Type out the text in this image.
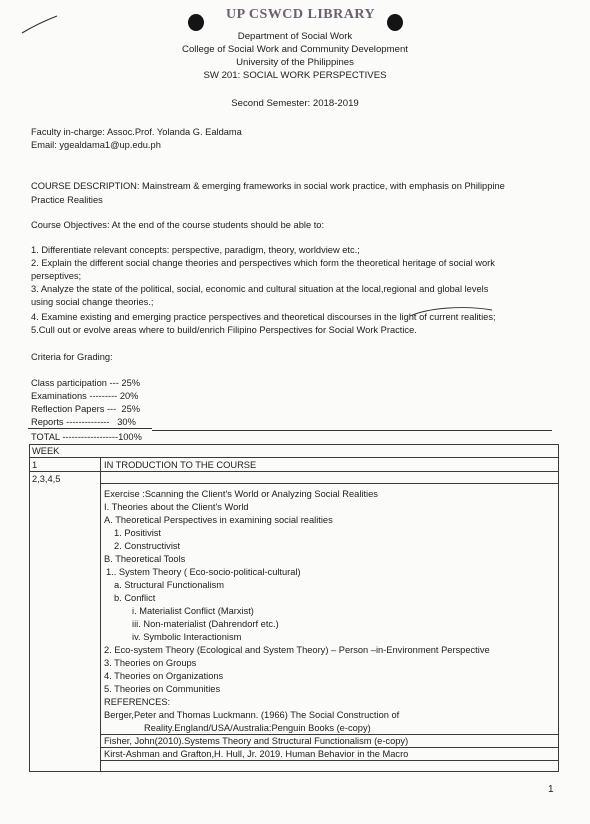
UP CSWCD LIBRARY
Department of Social Work
College of Social Work and Community Development
University of the Philippines
SW 201: SOCIAL WORK PERSPECTIVES
Second Semester: 2018-2019
Faculty in-charge: Assoc.Prof. Yolanda G. Ealdama
Email: ygealdama1@up.edu.ph
COURSE DESCRIPTION: Mainstream & emerging frameworks in social work practice, with emphasis on Philippine
Practice Realities
Course Objectives: At the end of the course students should be able to:
1. Differentiate relevant concepts: perspective, paradigm, theory, worldview etc.;
2. Explain the different social change theories and perspectives which form the theoretical heritage of social work
perseptives;
3. Analyze the state of the political, social, economic and cultural situation at the local,regional and global levels
using social change theories.;
4. Examine existing and emerging practice perspectives and theoretical discourses in the light of current realities;
5.Cull out or evolve areas where to build/enrich Filipino Perspectives for Social Work Practice.
Criteria for Grading:
Class participation --- 25%
Examinations --------- 20%
Reflection Papers ---  25%
Reports --------------   30%
TOTAL ------------------100%
WEEK
1	IN TRODUCTION TO THE COURSE
2,3,4,5
Exercise :Scanning the Client's World or Analyzing Social Realities
I. Theories about the Client's World
A. Theoretical Perspectives in examining social realities
1. Positivist
2. Constructivist
B. Theoretical Tools
1.. System Theory ( Eco-socio-political-cultural)
a. Structural Functionalism
b. Conflict
i. Materialist Conflict (Marxist)
iii. Non-materialist (Dahrendorf etc.)
iv. Symbolic Interactionism
2. Eco-system Theory (Ecological and System Theory) – Person –in-Environment Perspective
3. Theories on Groups
4. Theories on Organizations
5. Theories on Communities
REFERENCES:
Berger,Peter and Thomas Luckmann. (1966) The Social Construction of
Reality.England/USA/Australia:Penguin Books (e-copy)
Fisher, John(2010).Systems Theory and Structural Functionalism (e-copy)
Kirst-Ashman and Grafton,H. Hull, Jr. 2019. Human Behavior in the Macro
1
